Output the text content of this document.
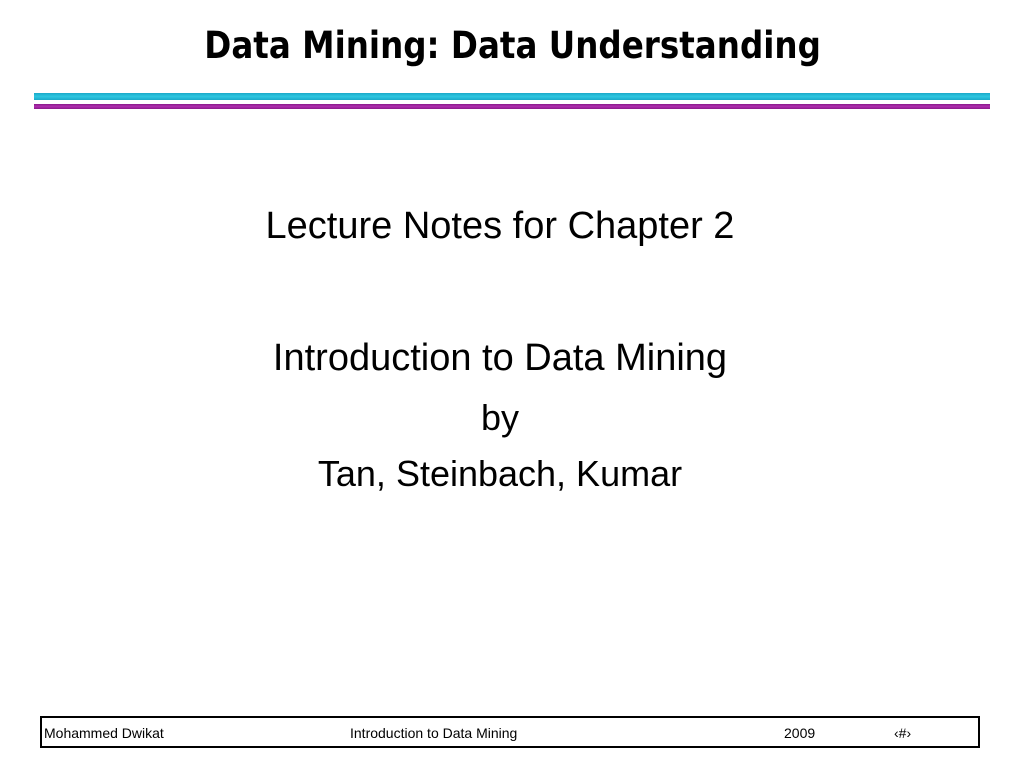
Data Mining: Data Understanding
Lecture Notes for Chapter 2
Introduction to Data Mining
by
Tan, Steinbach, Kumar
Mohammed Dwikat	Introduction to Data Mining	2009	‹#›
